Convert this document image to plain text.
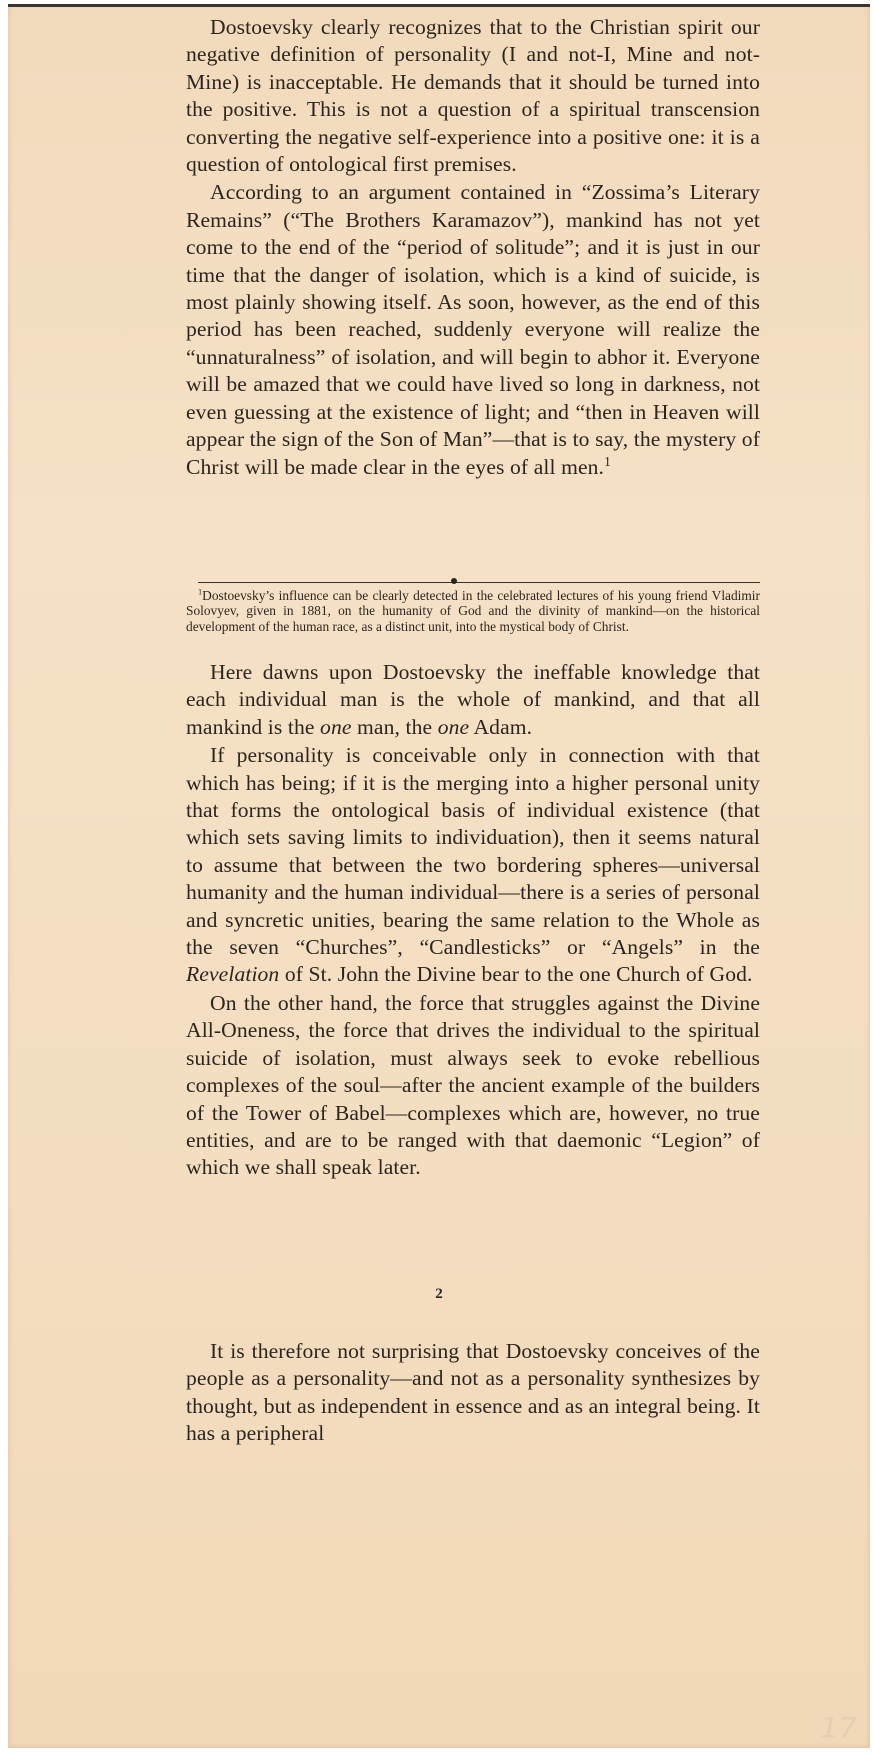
Dostoevsky clearly recognizes that to the Christian spirit our negative definition of personality (I and not-I, Mine and not-Mine) is inacceptable. He demands that it should be turned into the positive. This is not a question of a spiritual transcension converting the negative self-experience into a positive one: it is a question of ontological first premises.

According to an argument contained in “Zossima’s Literary Remains” (“The Brothers Karamazov”), mankind has not yet come to the end of the “period of solitude”; and it is just in our time that the danger of isolation, which is a kind of suicide, is most plainly showing itself. As soon, however, as the end of this period has been reached, suddenly everyone will realize the “unnaturalness” of isolation, and will begin to abhor it. Everyone will be amazed that we could have lived so long in darkness, not even guessing at the existence of light; and “then in Heaven will appear the sign of the Son of Man”—that is to say, the mystery of Christ will be made clear in the eyes of all men.$^1$

$^1$Dostoevsky’s influence can be clearly detected in the celebrated lectures of his young friend Vladimir Solovyev, given in 1881, on the humanity of God and the divinity of mankind—on the historical development of the human race, as a distinct unit, into the mystical body of Christ.

Here dawns upon Dostoevsky the ineffable knowledge that each individual man is the whole of mankind, and that all mankind is the one man, the one Adam.

If personality is conceivable only in connection with that which has being; if it is the merging into a higher personal unity that forms the ontological basis of individual existence (that which sets saving limits to individuation), then it seems natural to assume that between the two bordering spheres—universal humanity and the human individual—there is a series of personal and syncretic unities, bearing the same relation to the Whole as the seven “Churches”, “Candlesticks” or “Angels” in the Revelation of St. John the Divine bear to the one Church of God.

On the other hand, the force that struggles against the Divine All-Oneness, the force that drives the individual to the spiritual suicide of isolation, must always seek to evoke rebellious complexes of the soul—after the ancient example of the builders of the Tower of Babel—complexes which are, however, no true entities, and are to be ranged with that daemonic “Legion” of which we shall speak later.

2

It is therefore not surprising that Dostoevsky conceives of the people as a personality—and not as a personality synthesizes by thought, but as independent in essence and as an integral being. It has a peripheral

17
